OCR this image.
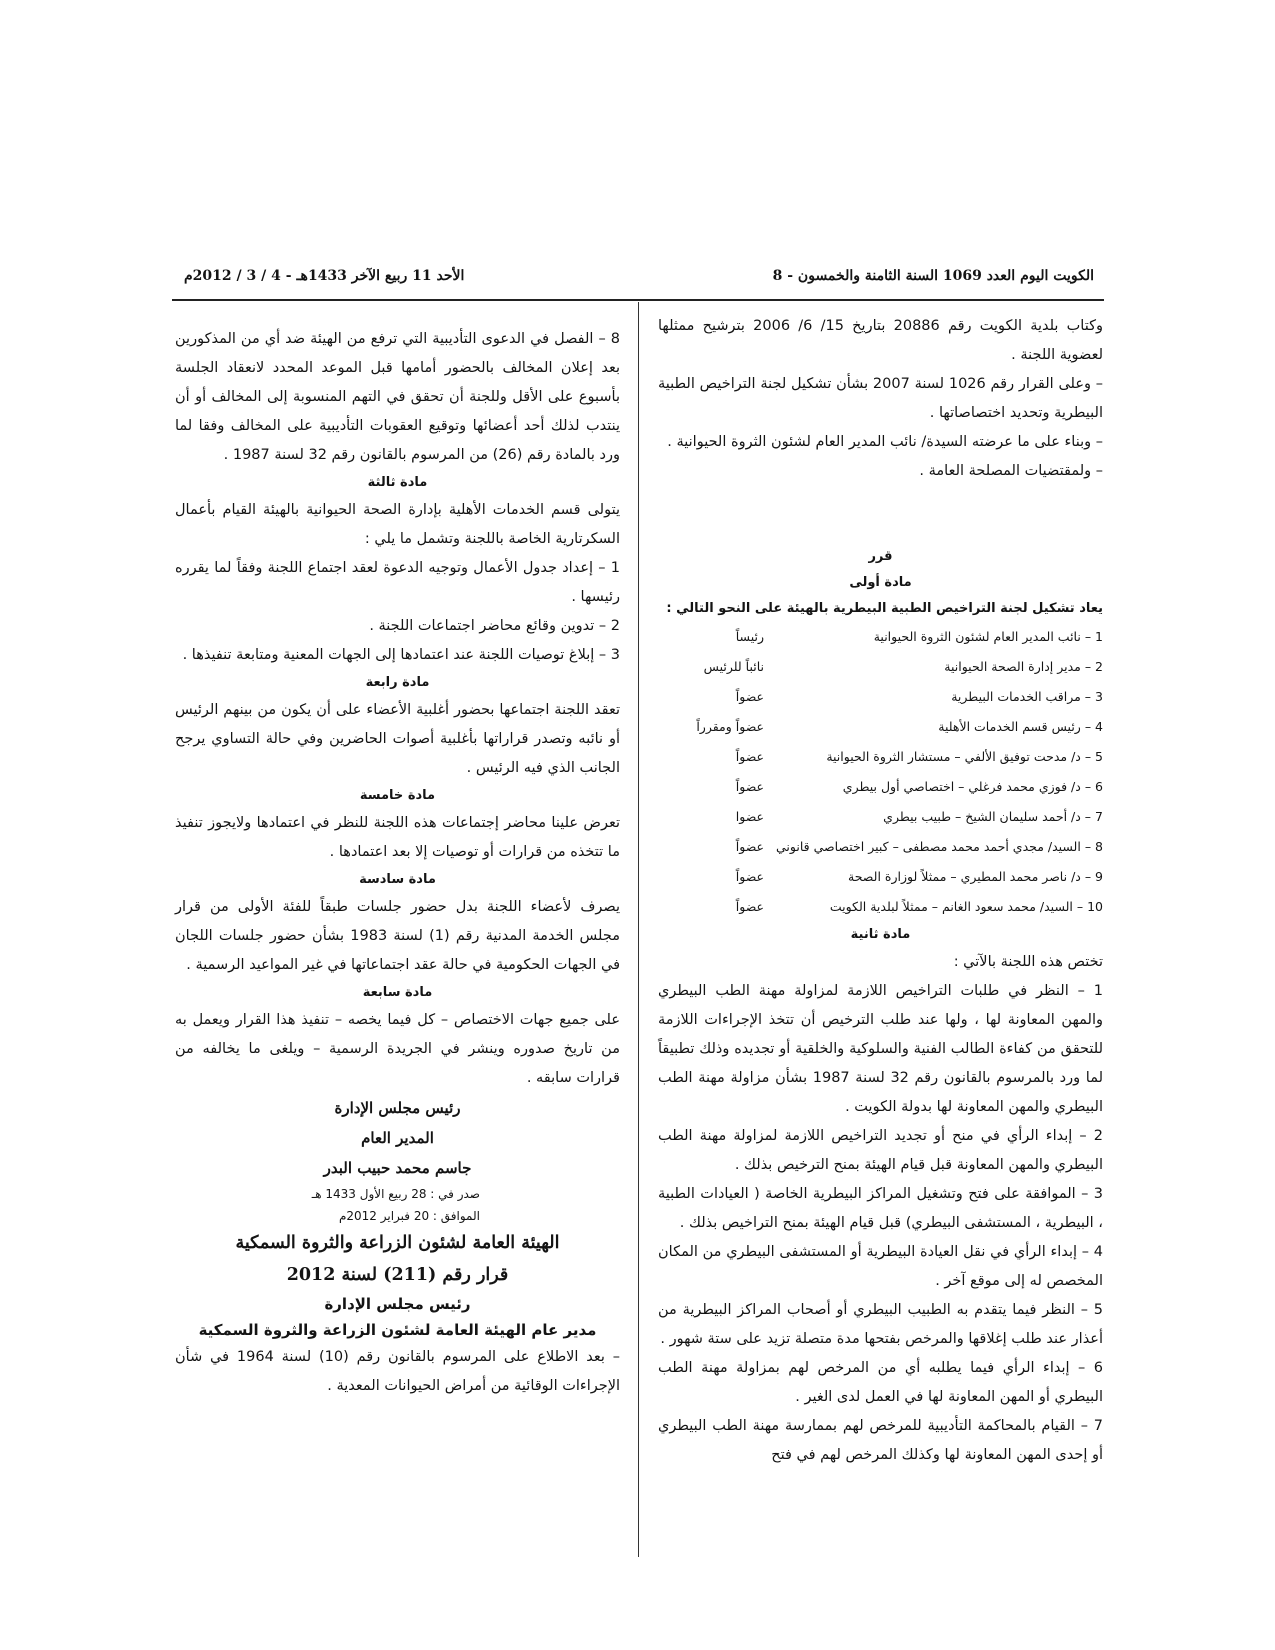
الكويت اليوم العدد 1069 السنة الثامنة والخمسون - 8
الأحد 11 ربيع الآخر 1433هـ - 4 / 3 / 2012م

وكتاب بلدية الكويت رقم 20886 بتاريخ 15/ 6/ 2006 بترشيح ممثلها لعضوية اللجنة .

– وعلى القرار رقم 1026 لسنة 2007 بشأن تشكيل لجنة التراخيص الطبية البيطرية وتحديد اختصاصاتها .

– وبناء على ما عرضته السيدة/ نائب المدير العام لشئون الثروة الحيوانية .

– ولمقتضيات المصلحة العامة .

قرر

مادة أولى

يعاد تشكيل لجنة التراخيص الطبية البيطرية بالهيئة على النحو التالي :

1 – نائب المدير العام لشئون الثروة الحيوانية
رئيساً
2 – مدير إدارة الصحة الحيوانية
نائباً للرئيس
3 – مراقب الخدمات البيطرية
عضواً
4 – رئيس قسم الخدمات الأهلية
عضواً ومقرراً
5 – د/ مدحت توفيق الألفي – مستشار الثروة الحيوانية
عضواً
6 – د/ فوزي محمد فرغلي – اختصاصي أول بيطري
عضواً
7 – د/ أحمد سليمان الشيخ – طبيب بيطري
عضوا
8 – السيد/ مجدي أحمد محمد مصطفى – كبير اختصاصي قانوني
عضواً
9 – د/ ناصر محمد المطيري – ممثلاً لوزارة الصحة
عضواً
10 – السيد/ محمد سعود الغانم – ممثلاً لبلدية الكويت
عضواً

مادة ثانية

تختص هذه اللجنة بالآتي :

1 – النظر في طلبات التراخيص اللازمة لمزاولة مهنة الطب البيطري والمهن المعاونة لها ، ولها عند طلب الترخيص أن تتخذ الإجراءات اللازمة للتحقق من كفاءة الطالب الفنية والسلوكية والخلقية أو تجديده وذلك تطبيقاً لما ورد بالمرسوم بالقانون رقم 32 لسنة 1987 بشأن مزاولة مهنة الطب البيطري والمهن المعاونة لها بدولة الكويت .

2 – إبداء الرأي في منح أو تجديد التراخيص اللازمة لمزاولة مهنة الطب البيطري والمهن المعاونة قبل قيام الهيئة بمنح الترخيص بذلك .

3 – الموافقة على فتح وتشغيل المراكز البيطرية الخاصة ( العيادات الطبية ، البيطرية ، المستشفى البيطري) قبل قيام الهيئة بمنح التراخيص بذلك .

4 – إبداء الرأي في نقل العيادة البيطرية أو المستشفى البيطري من المكان المخصص له إلى موقع آخر .

5 – النظر فيما يتقدم به الطبيب البيطري أو أصحاب المراكز البيطرية من أعذار عند طلب إغلاقها والمرخص بفتحها مدة متصلة تزيد على ستة شهور .

6 – إبداء الرأي فيما يطلبه أي من المرخص لهم بمزاولة مهنة الطب البيطري أو المهن المعاونة لها في العمل لدى الغير .

7 – القيام بالمحاكمة التأديبية للمرخص لهم بممارسة مهنة الطب البيطري أو إحدى المهن المعاونة لها وكذلك المرخص لهم في فتح

8 – الفصل في الدعوى التأديبية التي ترفع من الهيئة ضد أي من المذكورين بعد إعلان المخالف بالحضور أمامها قبل الموعد المحدد لانعقاد الجلسة بأسبوع على الأقل وللجنة أن تحقق في التهم المنسوبة إلى المخالف أو أن ينتدب لذلك أحد أعضائها وتوقيع العقوبات التأديبية على المخالف وفقا لما ورد بالمادة رقم (26) من المرسوم بالقانون رقم 32 لسنة 1987 .

مادة ثالثة

يتولى قسم الخدمات الأهلية بإدارة الصحة الحيوانية بالهيئة القيام بأعمال السكرتارية الخاصة باللجنة وتشمل ما يلي :

1 – إعداد جدول الأعمال وتوجيه الدعوة لعقد اجتماع اللجنة وفقاً لما يقرره رئيسها .

2 – تدوين وقائع محاضر اجتماعات اللجنة .

3 – إبلاغ توصيات اللجنة عند اعتمادها إلى الجهات المعنية ومتابعة تنفيذها .

مادة رابعة

تعقد اللجنة اجتماعها بحضور أغلبية الأعضاء على أن يكون من بينهم الرئيس أو نائبه وتصدر قراراتها بأغلبية أصوات الحاضرين وفي حالة التساوي يرجح الجانب الذي فيه الرئيس .

مادة خامسة

تعرض علينا محاضر إجتماعات هذه اللجنة للنظر في اعتمادها ولايجوز تنفيذ ما تتخذه من قرارات أو توصيات إلا بعد اعتمادها .

مادة سادسة

يصرف لأعضاء اللجنة بدل حضور جلسات طبقاً للفئة الأولى من قرار مجلس الخدمة المدنية رقم (1) لسنة 1983 بشأن حضور جلسات اللجان في الجهات الحكومية في حالة عقد اجتماعاتها في غير المواعيد الرسمية .

مادة سابعة

على جميع جهات الاختصاص – كل فيما يخصه – تنفيذ هذا القرار ويعمل به من تاريخ صدوره وينشر في الجريدة الرسمية – ويلغى ما يخالفه من قرارات سابقه .

رئيس مجلس الإدارة

المدير العام

جاسم محمد حبيب البدر

صدر في : 28 ربيع الأول 1433 هـ

الموافق : 20 فبراير 2012م

الهيئة العامة لشئون الزراعة والثروة السمكية

قرار رقم (211) لسنة 2012

رئيس مجلس الإدارة

مدير عام الهيئة العامة لشئون الزراعة والثروة السمكية

– بعد الاطلاع على المرسوم بالقانون رقم (10) لسنة 1964 في شأن الإجراءات الوقائية من أمراض الحيوانات المعدية .
